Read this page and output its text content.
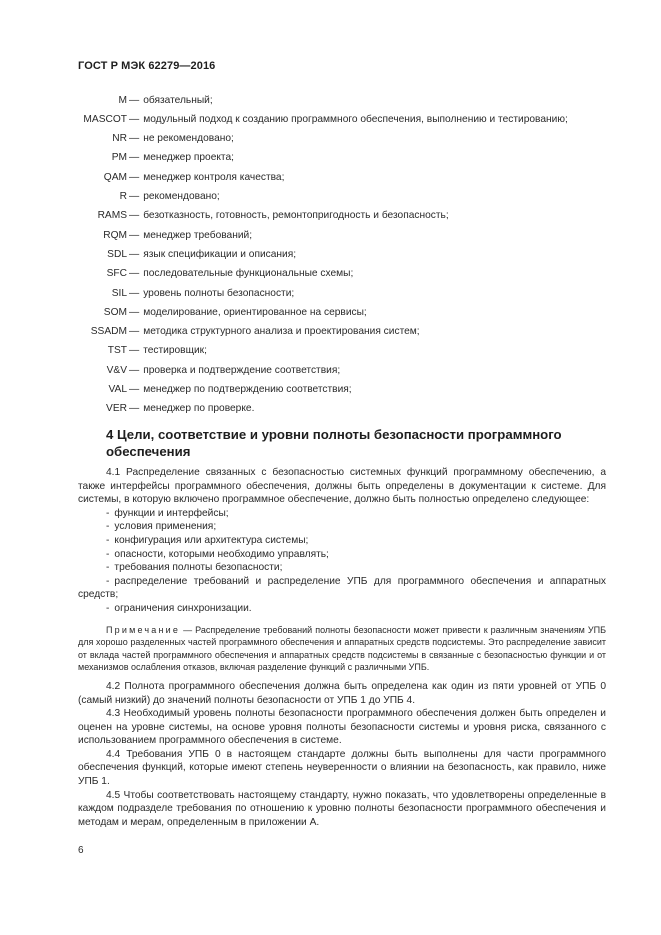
ГОСТ Р МЭК 62279—2016
M — обязательный;
MASCOT — модульный подход к созданию программного обеспечения, выполнению и тестированию;
NR — не рекомендовано;
PM — менеджер проекта;
QAM — менеджер контроля качества;
R — рекомендовано;
RAMS — безотказность, готовность, ремонтопригодность и безопасность;
RQM — менеджер требований;
SDL — язык спецификации и описания;
SFC — последовательные функциональные схемы;
SIL — уровень полноты безопасности;
SOM — моделирование, ориентированное на сервисы;
SSADM — методика структурного анализа и проектирования систем;
TST — тестировщик;
V&V — проверка и подтверждение соответствия;
VAL — менеджер по подтверждению соответствия;
VER — менеджер по проверке.
4 Цели, соответствие и уровни полноты безопасности программного обеспечения

4.1 Распределение связанных с безопасностью системных функций программному обеспечению, а также интерфейсы программного обеспечения, должны быть определены в документации к системе. Для системы, в которую включено программное обеспечение, должно быть полностью определено следующее:

- функции и интерфейсы;

- условия применения;

- конфигурация или архитектура системы;

- опасности, которыми необходимо управлять;

- требования полноты безопасности;

- распределение требований и распределение УПБ для программного обеспечения и аппаратных средств;

- ограничения синхронизации.

Примечание — Распределение требований полноты безопасности может привести к различным значениям УПБ для хорошо разделенных частей программного обеспечения и аппаратных средств подсистемы. Это распределение зависит от вклада частей программного обеспечения и аппаратных средств подсистемы в связанные с безопасностью функции и от механизмов ослабления отказов, включая разделение функций с различными УПБ.

4.2 Полнота программного обеспечения должна быть определена как один из пяти уровней от УПБ 0 (самый низкий) до значений полноты безопасности от УПБ 1 до УПБ 4.

4.3 Необходимый уровень полноты безопасности программного обеспечения должен быть определен и оценен на уровне системы, на основе уровня полноты безопасности системы и уровня риска, связанного с использованием программного обеспечения в системе.

4.4 Требования УПБ 0 в настоящем стандарте должны быть выполнены для части программного обеспечения функций, которые имеют степень неуверенности о влиянии на безопасность, как правило, ниже УПБ 1.

4.5 Чтобы соответствовать настоящему стандарту, нужно показать, что удовлетворены определенные в каждом подразделе требования по отношению к уровню полноты безопасности программного обеспечения и методам и мерам, определенным в приложении А.

6
